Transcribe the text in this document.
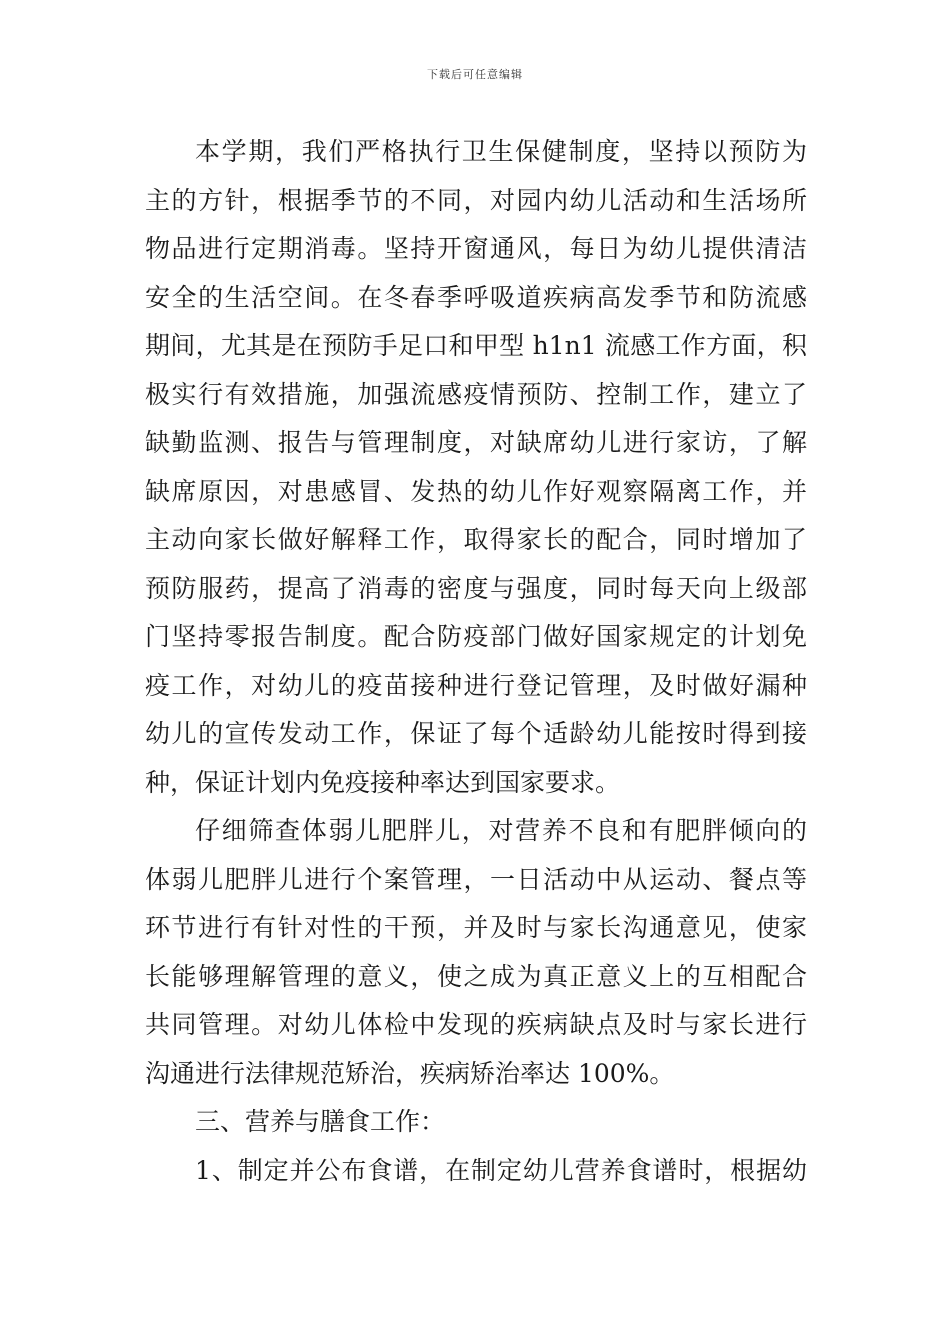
下载后可任意编辑
本学期，我们严格执行卫生保健制度，坚持以预防为
主的方针，根据季节的不同，对园内幼儿活动和生活场所
物品进行定期消毒。坚持开窗通风，每日为幼儿提供清洁
安全的生活空间。在冬春季呼吸道疾病高发季节和防流感
期间，尤其是在预防手足口和甲型 h1n1 流感工作方面，积
极实行有效措施，加强流感疫情预防、控制工作，建立了
缺勤监测、报告与管理制度，对缺席幼儿进行家访，了解
缺席原因，对患感冒、发热的幼儿作好观察隔离工作，并
主动向家长做好解释工作，取得家长的配合，同时增加了
预防服药，提高了消毒的密度与强度，同时每天向上级部
门坚持零报告制度。配合防疫部门做好国家规定的计划免
疫工作，对幼儿的疫苗接种进行登记管理，及时做好漏种
幼儿的宣传发动工作，保证了每个适龄幼儿能按时得到接
种，保证计划内免疫接种率达到国家要求。
仔细筛查体弱儿肥胖儿，对营养不良和有肥胖倾向的
体弱儿肥胖儿进行个案管理，一日活动中从运动、餐点等
环节进行有针对性的干预，并及时与家长沟通意见，使家
长能够理解管理的意义，使之成为真正意义上的互相配合
共同管理。对幼儿体检中发现的疾病缺点及时与家长进行
沟通进行法律规范矫治，疾病矫治率达 100%。
三、营养与膳食工作：
1、制定并公布食谱，在制定幼儿营养食谱时，根据幼
